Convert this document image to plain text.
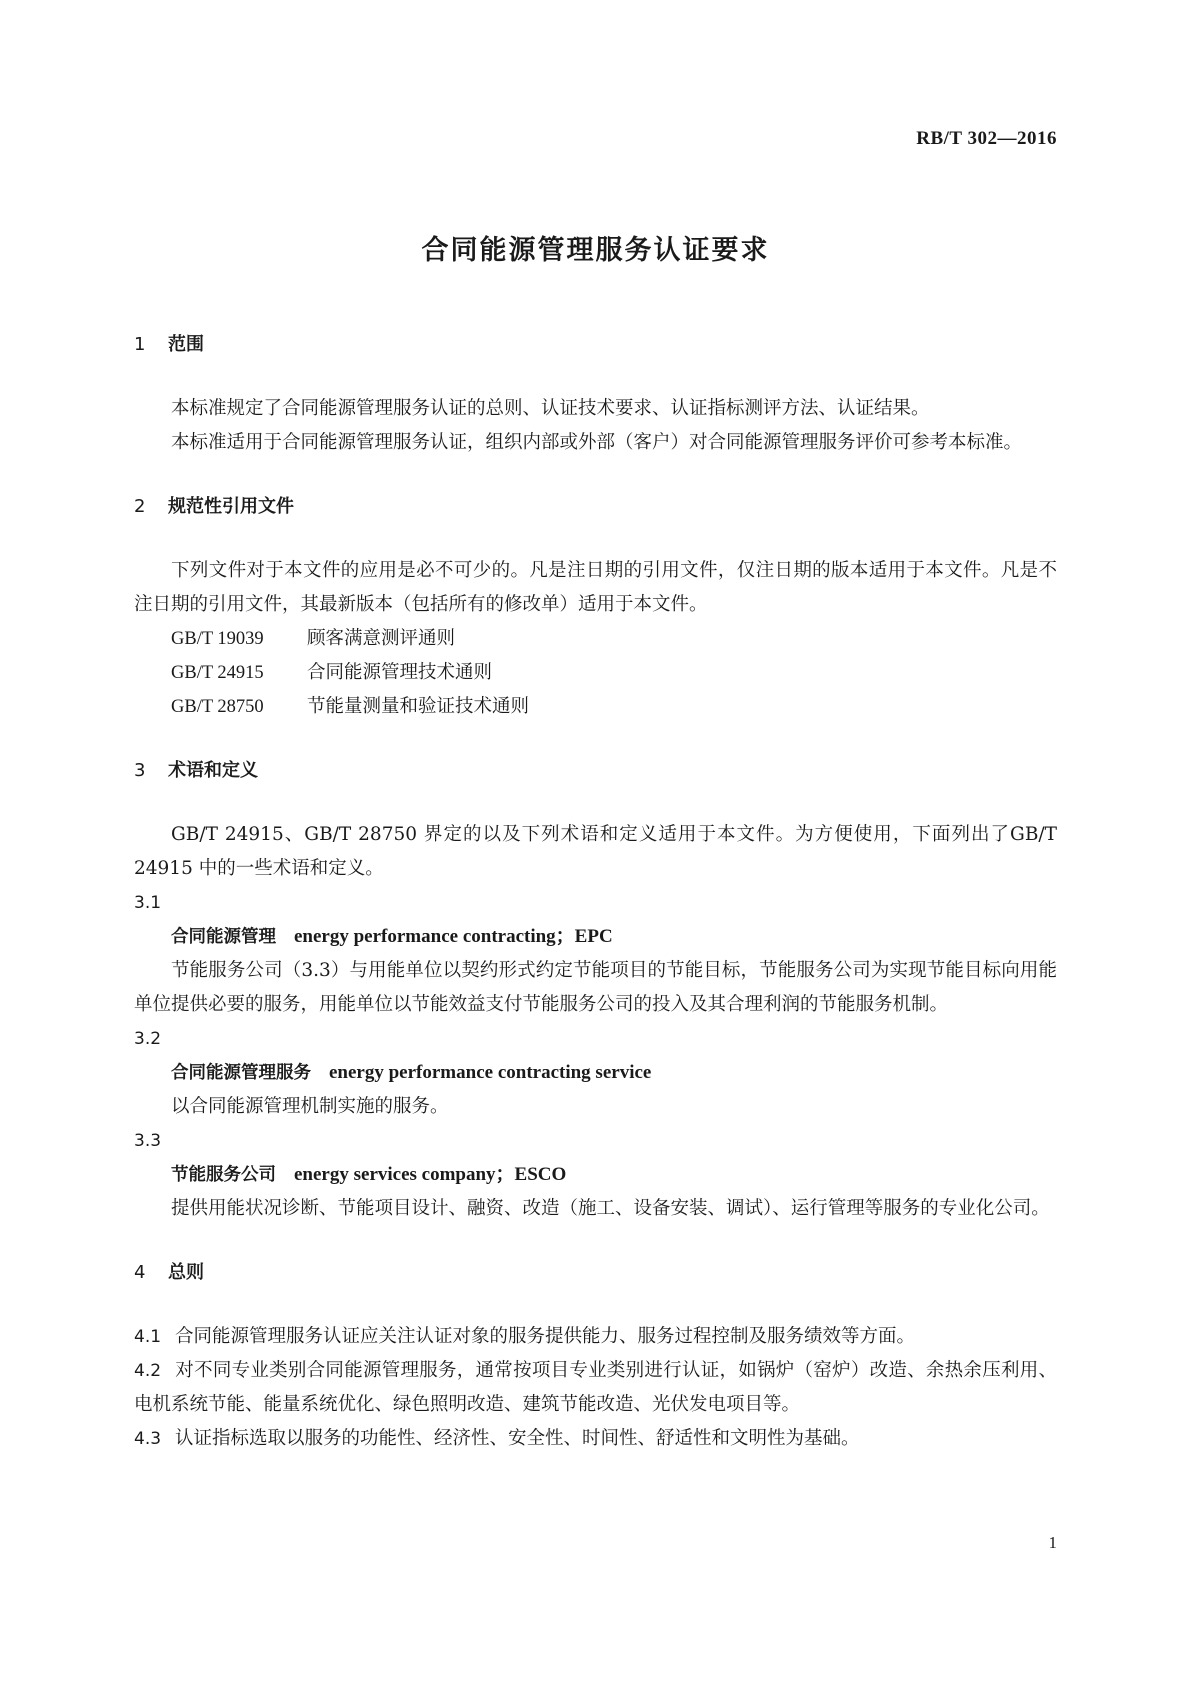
RB/T 302—2016
合同能源管理服务认证要求
1 范围

本标准规定了合同能源管理服务认证的总则、认证技术要求、认证指标测评方法、认证结果。

本标准适用于合同能源管理服务认证，组织内部或外部（客户）对合同能源管理服务评价可参考本标准。

2 规范性引用文件

下列文件对于本文件的应用是必不可少的。凡是注日期的引用文件，仅注日期的版本适用于本文件。凡是不注日期的引用文件，其最新版本（包括所有的修改单）适用于本文件。

GB/T 19039 顾客满意测评通则
GB/T 24915 合同能源管理技术通则
GB/T 28750 节能量测量和验证技术通则
3 术语和定义

GB/T 24915、GB/T 28750 界定的以及下列术语和定义适用于本文件。为方便使用，下面列出了GB/T 24915 中的一些术语和定义。

3.1
合同能源管理 energy performance contracting；EPC

节能服务公司（3.3）与用能单位以契约形式约定节能项目的节能目标，节能服务公司为实现节能目标向用能单位提供必要的服务，用能单位以节能效益支付节能服务公司的投入及其合理利润的节能服务机制。

3.2
合同能源管理服务 energy performance contracting service

以合同能源管理机制实施的服务。

3.3
节能服务公司 energy services company；ESCO

提供用能状况诊断、节能项目设计、融资、改造（施工、设备安装、调试）、运行管理等服务的专业化公司。

4 总则

4.1 合同能源管理服务认证应关注认证对象的服务提供能力、服务过程控制及服务绩效等方面。

4.2 对不同专业类别合同能源管理服务，通常按项目专业类别进行认证，如锅炉（窑炉）改造、余热余压利用、电机系统节能、能量系统优化、绿色照明改造、建筑节能改造、光伏发电项目等。

4.3 认证指标选取以服务的功能性、经济性、安全性、时间性、舒适性和文明性为基础。

1
